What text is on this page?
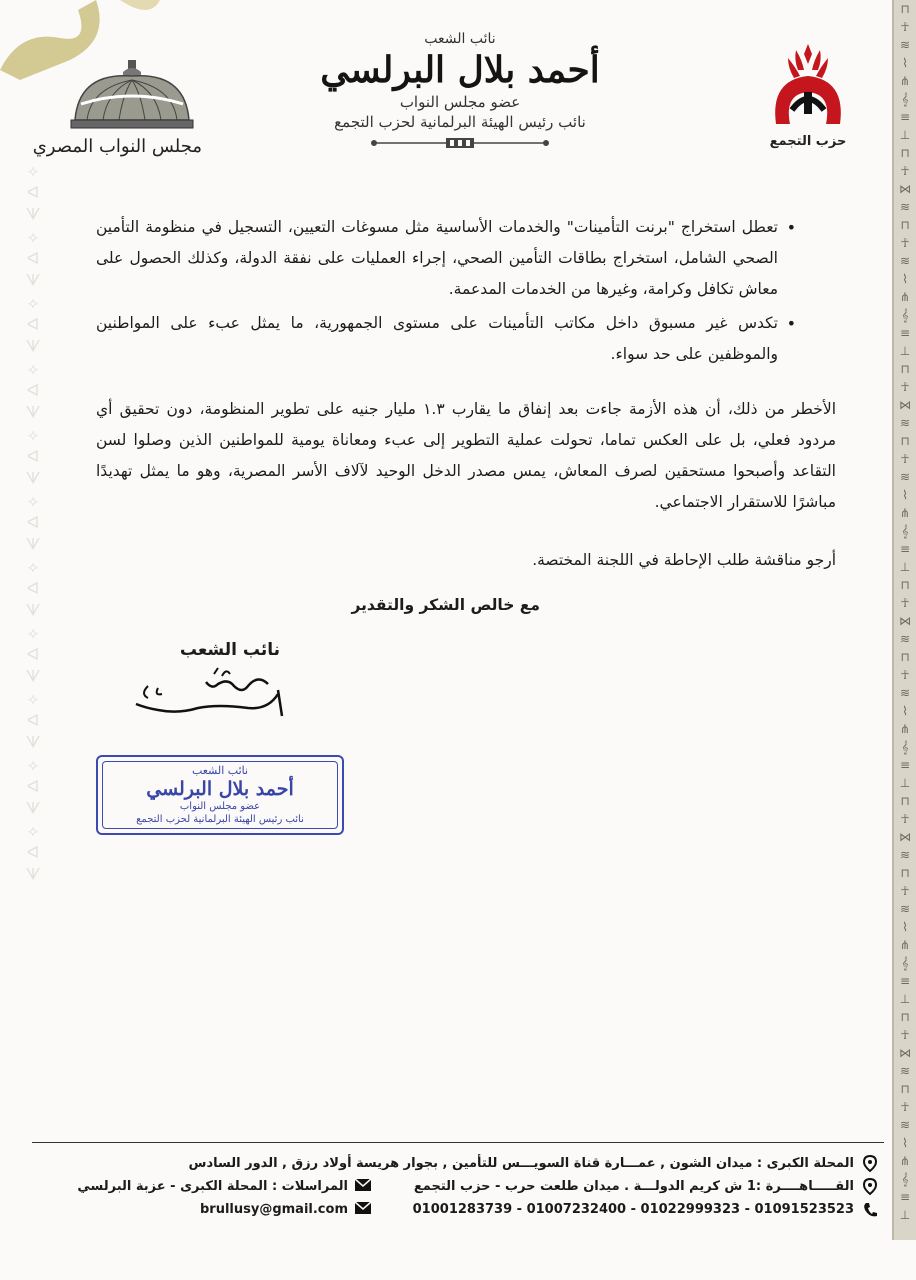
⟡
ᐊ
ᗐ
⟡
ᐊ
ᗐ
⟡
ᐊ
ᗐ
⟡
ᐊ
ᗐ
⟡
ᐊ
ᗐ
⟡
ᐊ
ᗐ
⟡
ᐊ
ᗐ
⟡
ᐊ
ᗐ
⟡
ᐊ
ᗐ
⟡
ᐊ
ᗐ
⟡
ᐊ
ᗐ
⊓
☥
≋
⌇
⋔
𝄞
≡
⊥
⊓
☥
⋈
≋
⊓
☥
≋
⌇
⋔
𝄞
≡
⊥
⊓
☥
⋈
≋
⊓
☥
≋
⌇
⋔
𝄞
≡
⊥
⊓
☥
⋈
≋
⊓
☥
≋
⌇
⋔
𝄞
≡
⊥
⊓
☥
⋈
≋
⊓
☥
≋
⌇
⋔
𝄞
≡
⊥
⊓
☥
⋈
≋
⊓
☥
≋
⌇
⋔
𝄞
≡
⊥
حزب التجمع
مجلس النواب المصري
نائب الشعب
أحمد بلال البرلسي
عضو مجلس النواب
نائب رئيس الهيئة البرلمانية لحزب التجمع
• تعطل استخراج "برنت التأمينات" والخدمات الأساسية مثل مسوغات التعيين، التسجيل في منظومة التأمين الصحي الشامل، استخراج بطاقات التأمين الصحي، إجراء العمليات على نفقة الدولة، وكذلك الحصول على معاش تكافل وكرامة، وغيرها من الخدمات المدعمة.
• تكدس غير مسبوق داخل مكاتب التأمينات على مستوى الجمهورية، ما يمثل عبء على المواطنين والموظفين على حد سواء.
الأخطر من ذلك، أن هذه الأزمة جاءت بعد إنفاق ما يقارب ١.٣ مليار جنيه على تطوير المنظومة، دون تحقيق أي مردود فعلي، بل على العكس تماما، تحولت عملية التطوير إلى عبء ومعاناة يومية للمواطنين الذين وصلوا لسن التقاعد وأصبحوا مستحقين لصرف المعاش، يمس مصدر الدخل الوحيد لآلاف الأسر المصرية، وهو ما يمثل تهديدًا مباشرًا للاستقرار الاجتماعي.
أرجو مناقشة طلب الإحاطة في اللجنة المختصة.
مع خالص الشكر والتقدير
نائب الشعب
نائب الشعب
أحمد بلال البرلسي
عضو مجلس النواب
نائب رئيس الهيئة البرلمانية لحزب التجمع
المحلة الكبرى : ميدان الشون , عمـــارة قناة السويـــس للتأمين , بجوار هريسة أولاد رزق , الدور السادس
القـــــاهــــرة :1 ش كريم الدولـــة . ميدان طلعت حرب - حزب التجمع
01091523523 - 01022999323 - 01007232400 - 01001283739
المراسلات : المحلة الكبرى - عزبة البرلسي
brullusy@gmail.com
